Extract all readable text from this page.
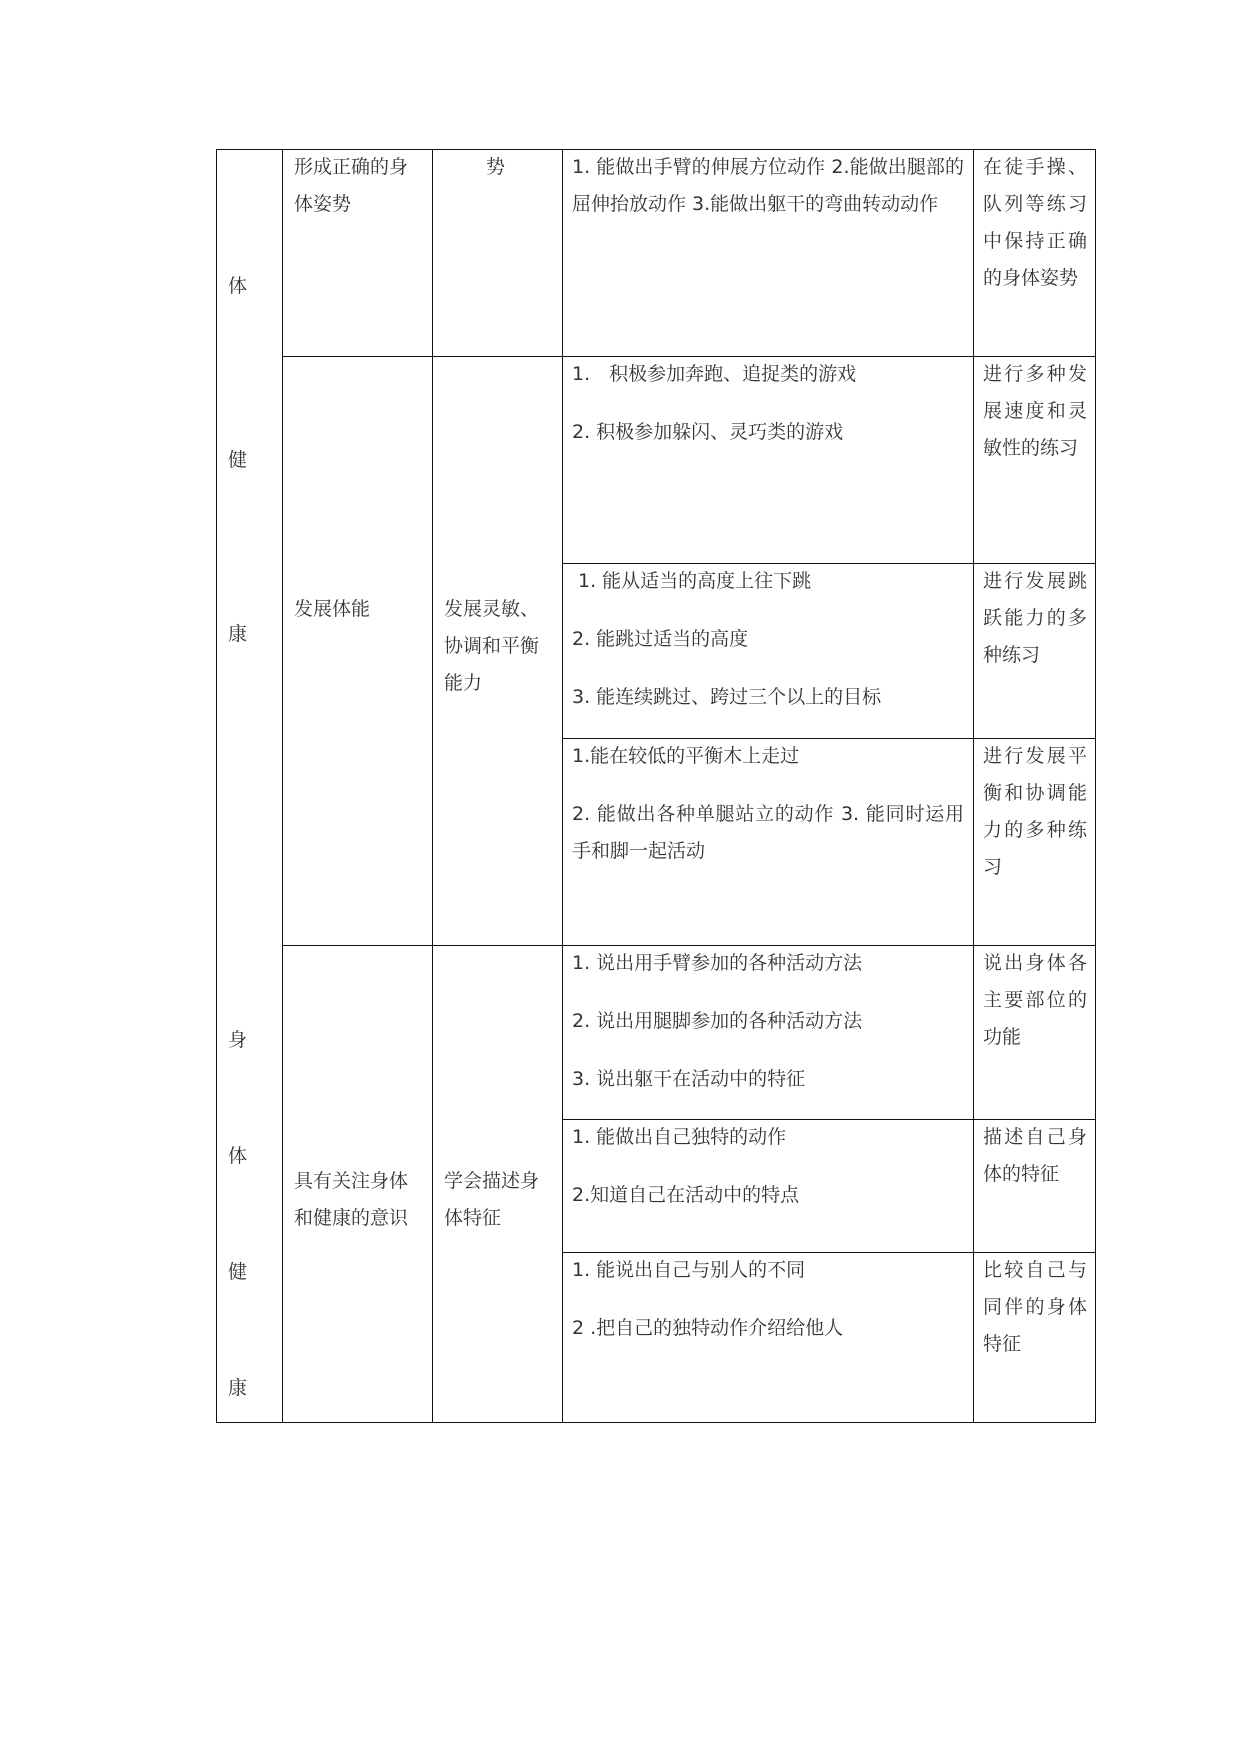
体
健
康
身
体
健
康
形成正确的身体姿势
势	1. 能做出手臂的伸展方位动作 2.能做出腿部的屈伸抬放动作 3.能做出躯干的弯曲转动动作

在徒手操、队列等练习中保持正确的身体姿势
发展体能	发展灵敏、协调和平衡能力

1.　积极参加奔跑、追捉类的游戏

2. 积极参加躲闪、灵巧类的游戏

进行多种发展速度和灵敏性的练习

1. 能从适当的高度上往下跳

2. 能跳过适当的高度

3. 能连续跳过、跨过三个以上的目标

进行发展跳跃能力的多种练习

1.能在较低的平衡木上走过

2. 能做出各种单腿站立的动作 3. 能同时运用手和脚一起活动

进行发展平衡和协调能力的多种练习
具有关注身体和健康的意识
学会描述身体特征

1. 说出用手臂参加的各种活动方法

2. 说出用腿脚参加的各种活动方法

3. 说出躯干在活动中的特征

说出身体各主要部位的功能

1. 能做出自己独特的动作

2.知道自己在活动中的特点

描述自己身体的特征

1. 能说出自己与别人的不同

2 .把自己的独特动作介绍给他人

比较自己与同伴的身体特征
